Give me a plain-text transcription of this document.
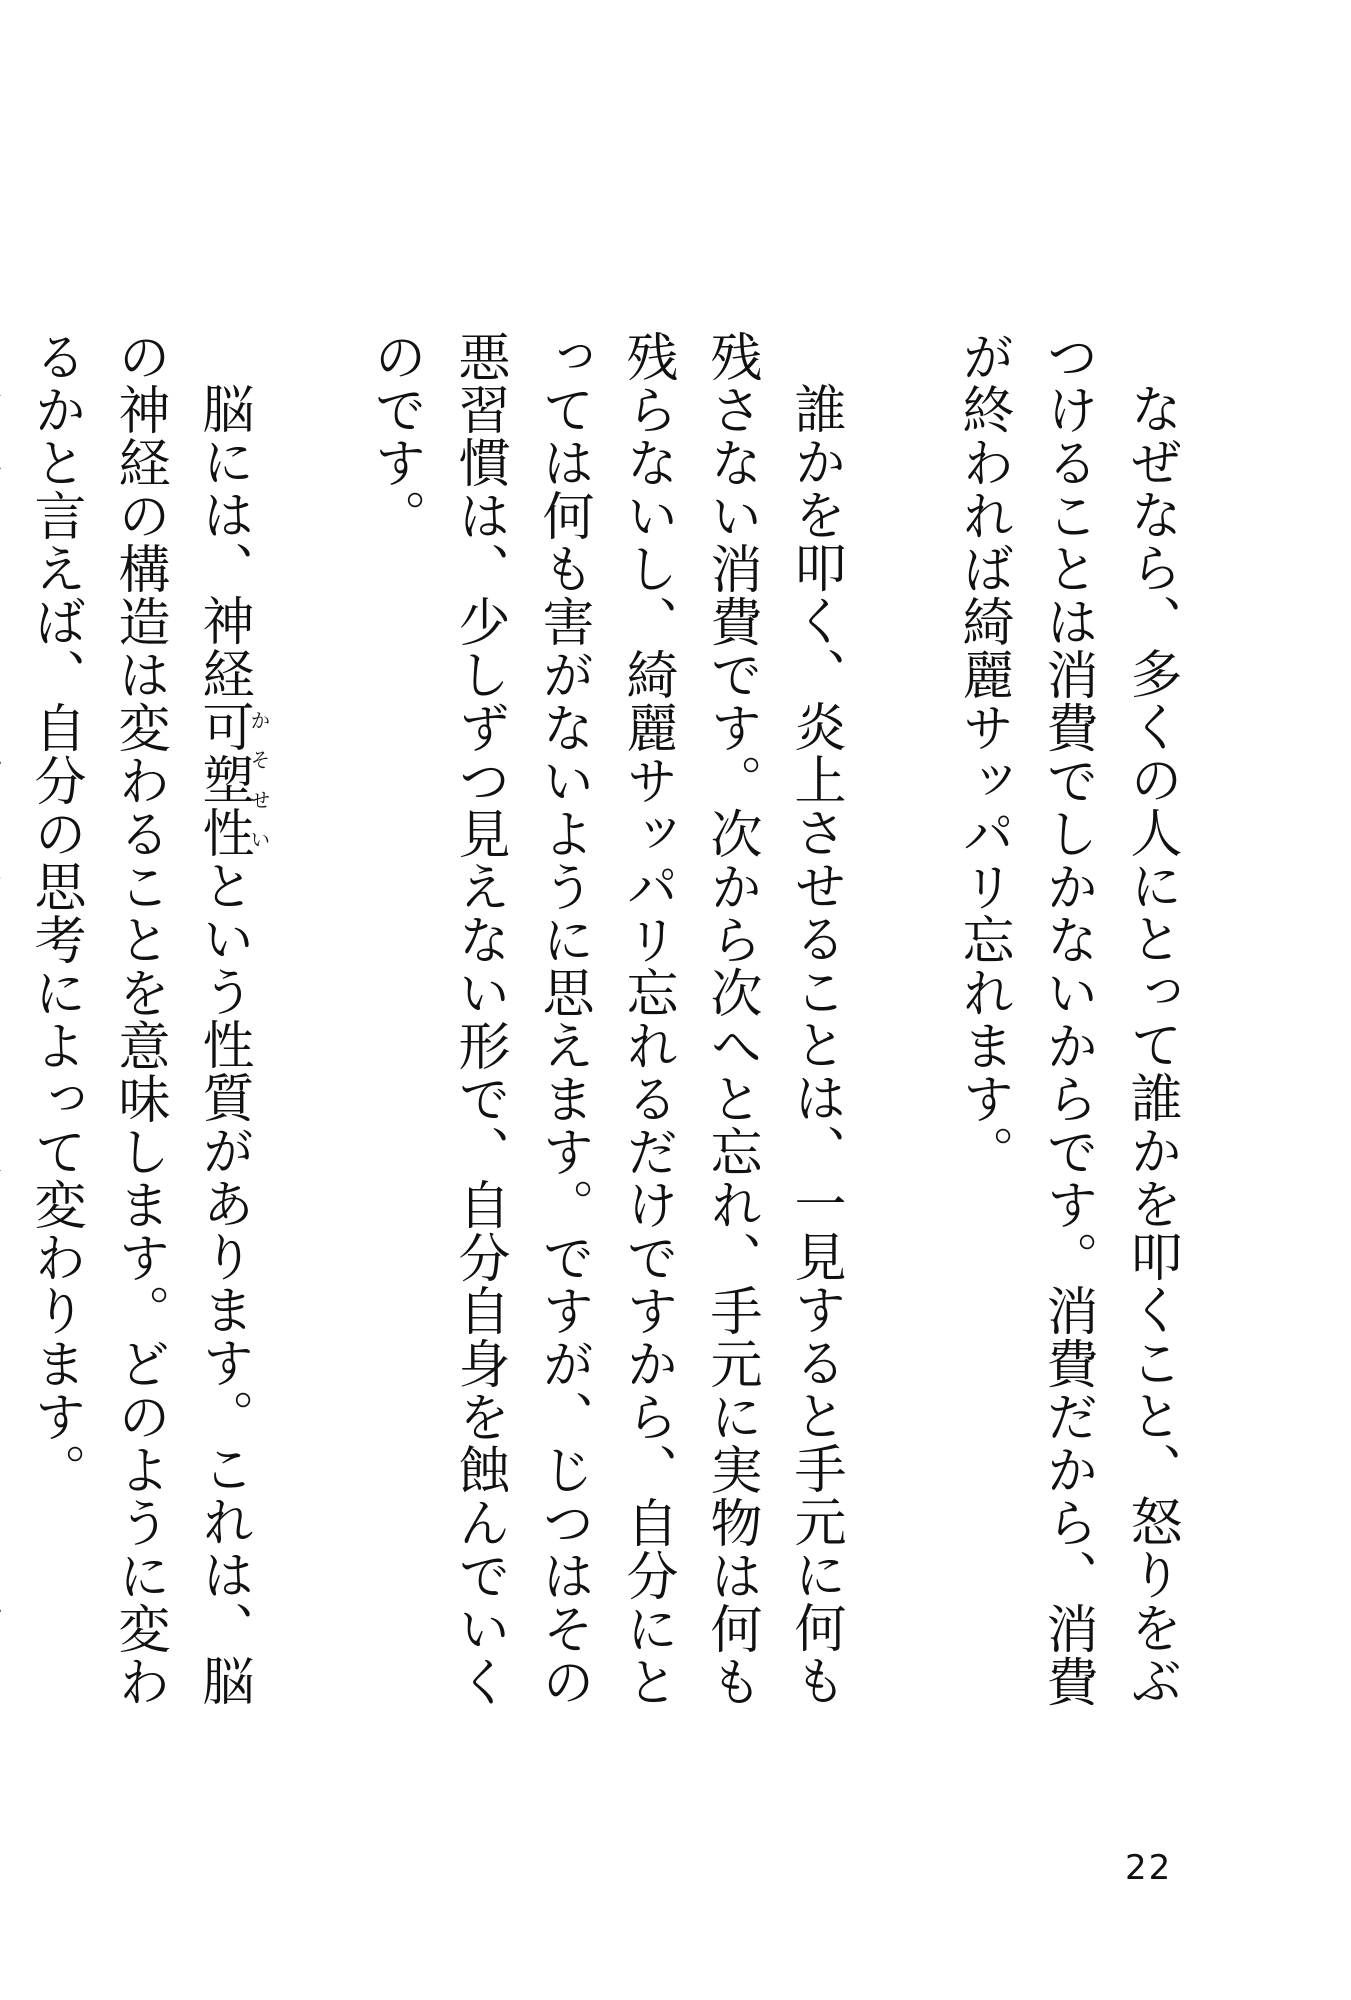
なぜなら、多くの人にとって誰かを叩くこと、怒りをぶつけることは消費でしかないからです。消費だから、消費が終われば綺麗サッパリ忘れます。

誰かを叩く、炎上させることは、一見すると手元に何も残さない消費です。次から次へと忘れ、手元に実物は何も残らないし、綺麗サッパリ忘れるだけですから、自分にとっては何も害がないように思えます。ですが、じつはその悪習慣は、少しずつ見えない形で、自分自身を蝕んでいくのです。

脳には、神経可塑性かそせいという性質があります。これは、脳の神経の構造は変わることを意味します。どのように変わるかと言えば、自分の思考によって変わります。

22
